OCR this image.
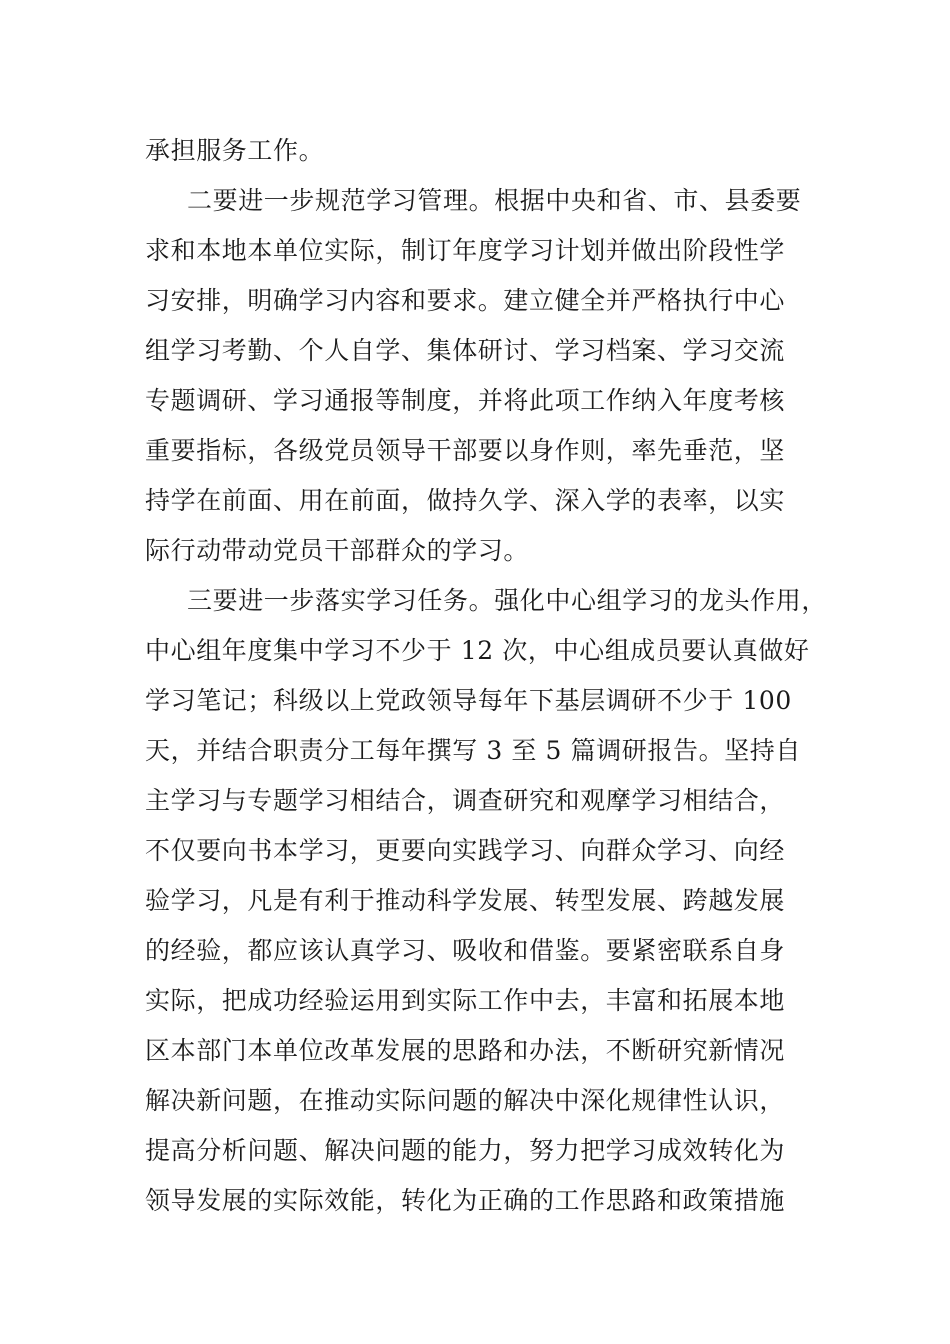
承担服务工作。
二要进一步规范学习管理。根据中央和省、市、县委要
求和本地本单位实际，制订年度学习计划并做出阶段性学
习安排，明确学习内容和要求。建立健全并严格执行中心
组学习考勤、个人自学、集体研讨、学习档案、学习交流
专题调研、学习通报等制度，并将此项工作纳入年度考核
重要指标，各级党员领导干部要以身作则，率先垂范，坚
持学在前面、用在前面，做持久学、深入学的表率，以实
际行动带动党员干部群众的学习。
三要进一步落实学习任务。强化中心组学习的龙头作用，
中心组年度集中学习不少于 12 次，中心组成员要认真做好
学习笔记；科级以上党政领导每年下基层调研不少于 100
天，并结合职责分工每年撰写 3 至 5 篇调研报告。坚持自
主学习与专题学习相结合，调查研究和观摩学习相结合，
不仅要向书本学习，更要向实践学习、向群众学习、向经
验学习，凡是有利于推动科学发展、转型发展、跨越发展
的经验，都应该认真学习、吸收和借鉴。要紧密联系自身
实际，把成功经验运用到实际工作中去，丰富和拓展本地
区本部门本单位改革发展的思路和办法，不断研究新情况
解决新问题，在推动实际问题的解决中深化规律性认识，
提高分析问题、解决问题的能力，努力把学习成效转化为
领导发展的实际效能，转化为正确的工作思路和政策措施
